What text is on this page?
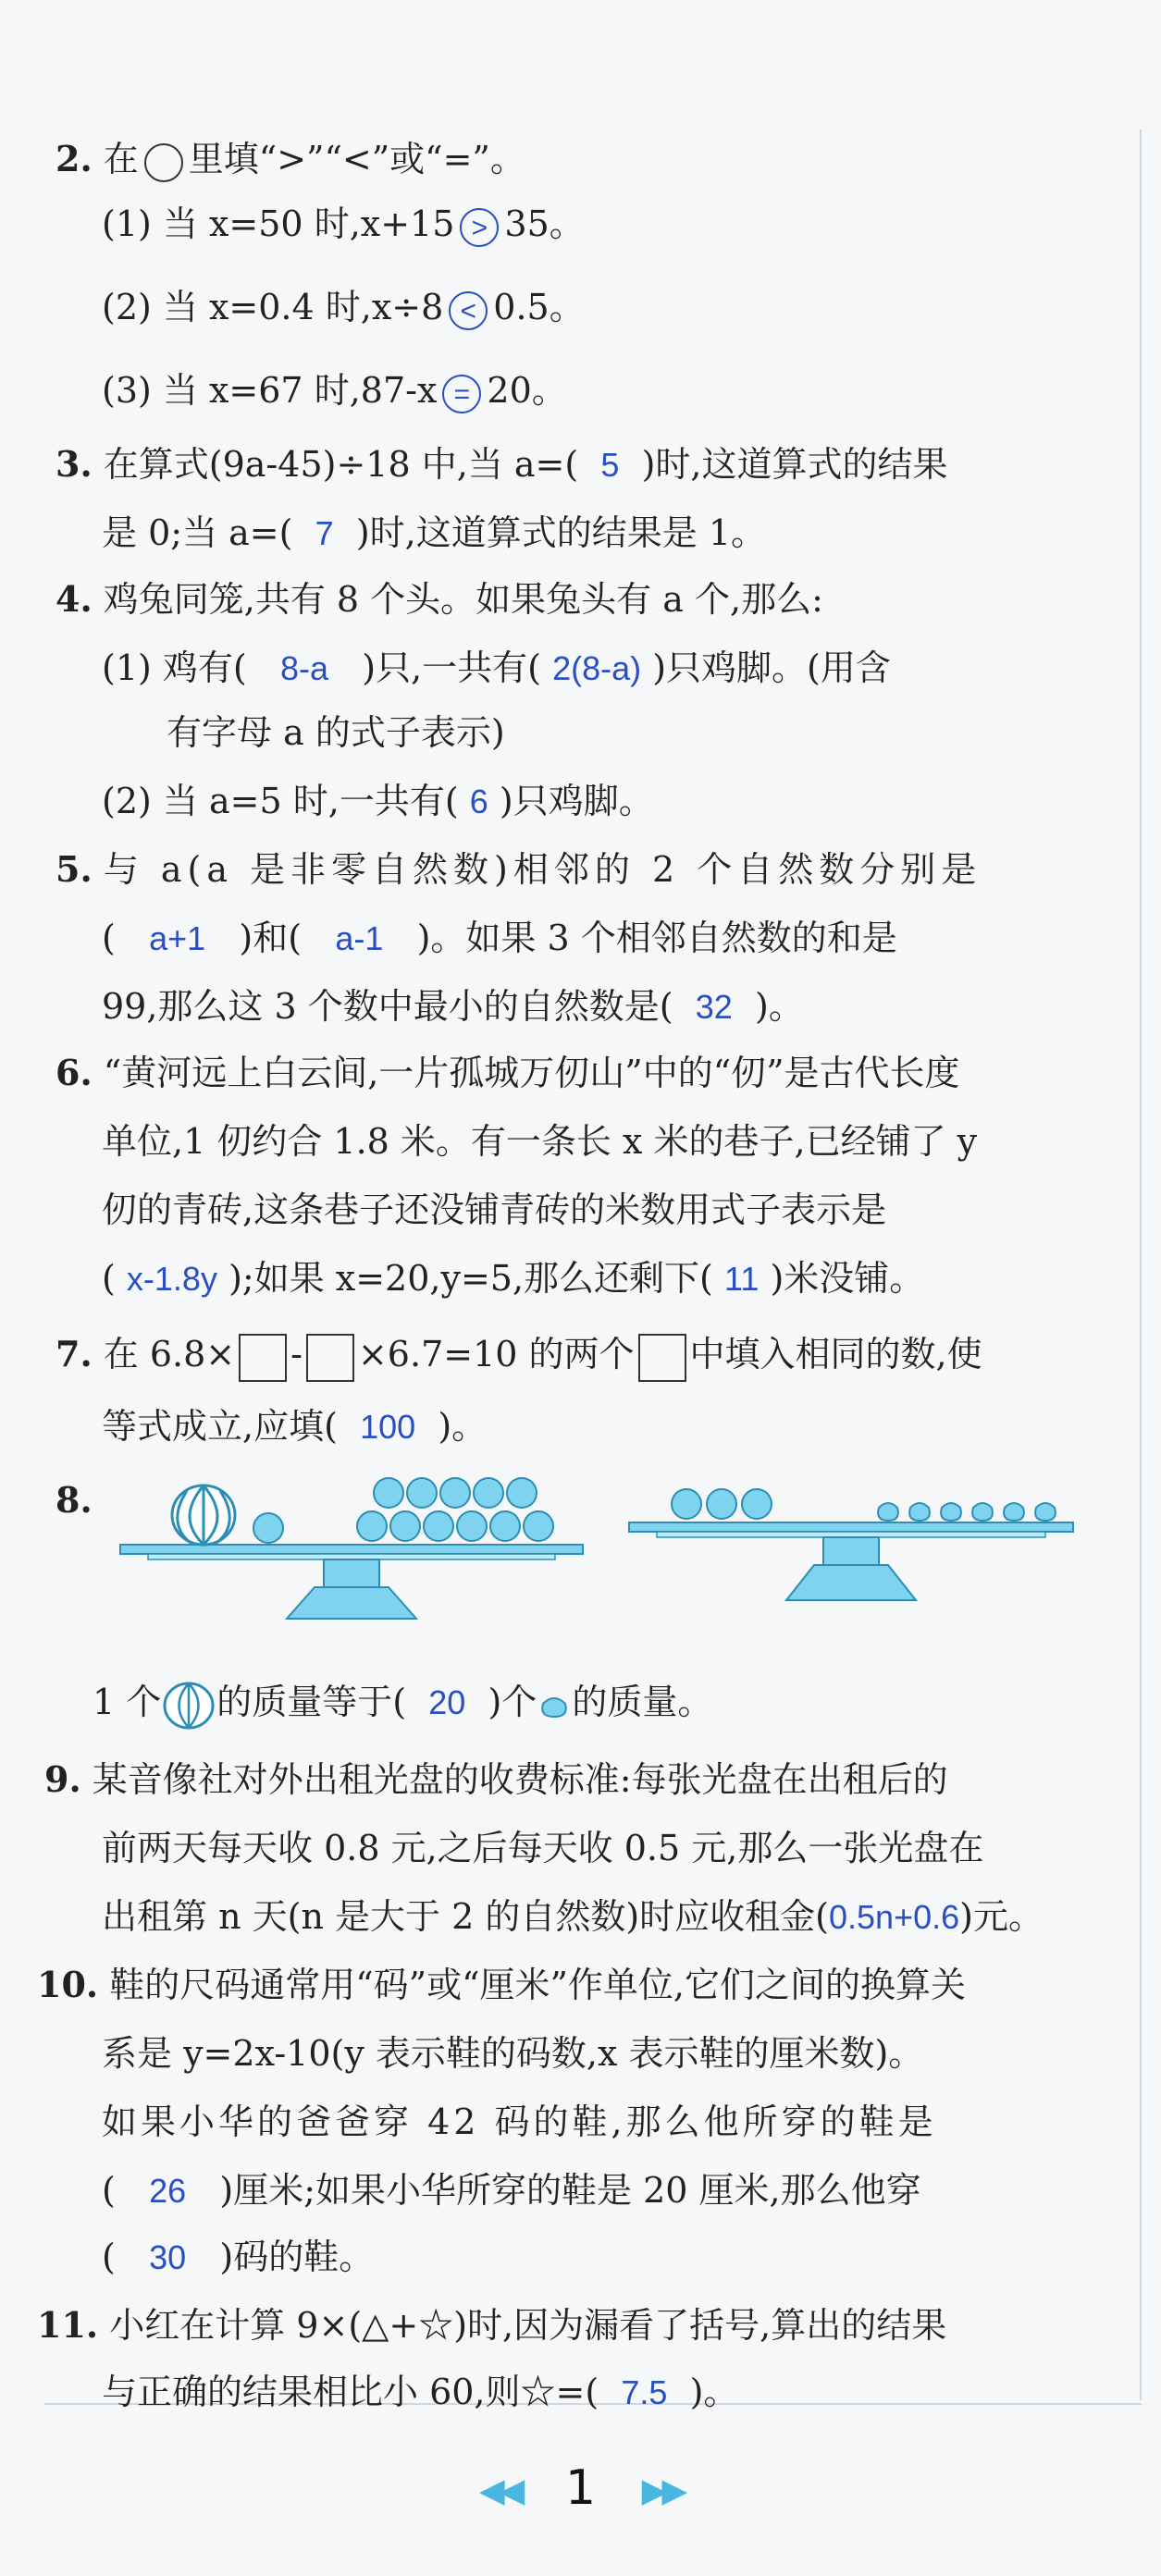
2. 在 里填“>”“<”或“=”。
(1) 当 x=50 时,x+15 > 35。
(2) 当 x=0.4 时,x÷8 < 0.5。
(3) 当 x=67 时,87-x = 20。
3. 在算式(9a-45)÷18 中,当 a=( 5 )时,这道算式的结果
是 0;当 a=( 7 )时,这道算式的结果是 1。
4. 鸡兔同笼,共有 8 个头。如果兔头有 a 个,那么:
(1) 鸡有( 8-a )只,一共有( 2(8-a) )只鸡脚。(用含
有字母 a 的式子表示)
(2) 当 a=5 时,一共有( 6 )只鸡脚。
5. 与 a(a 是非零自然数)相邻的 2 个自然数分别是
( a+1 )和( a-1 )。如果 3 个相邻自然数的和是
99,那么这 3 个数中最小的自然数是( 32 )。
6. “黄河远上白云间,一片孤城万仞山”中的“仞”是古代长度
单位,1 仞约合 1.8 米。有一条长 x 米的巷子,已经铺了 y
仞的青砖,这条巷子还没铺青砖的米数用式子表示是
( x-1.8y );如果 x=20,y=5,那么还剩下( 11 )米没铺。
7. 在 6.8× - ×6.7=10 的两个 中填入相同的数,使
等式成立,应填( 100 )。
8.
1 个 的质量等于( 20 )个 的质量。
9. 某音像社对外出租光盘的收费标准:每张光盘在出租后的
前两天每天收 0.8 元,之后每天收 0.5 元,那么一张光盘在
出租第 n 天(n 是大于 2 的自然数)时应收租金(0.5n+0.6)元。
10. 鞋的尺码通常用“码”或“厘米”作单位,它们之间的换算关
系是 y=2x-10(y 表示鞋的码数,x 表示鞋的厘米数)。
如果小华的爸爸穿 42 码的鞋,那么他所穿的鞋是
( 26 )厘米;如果小华所穿的鞋是 20 厘米,那么他穿
( 30 )码的鞋。
11. 小红在计算 9×(△+☆)时,因为漏看了括号,算出的结果
与正确的结果相比小 60,则☆=( 7.5 )。
◀◀ 1 ▶▶
